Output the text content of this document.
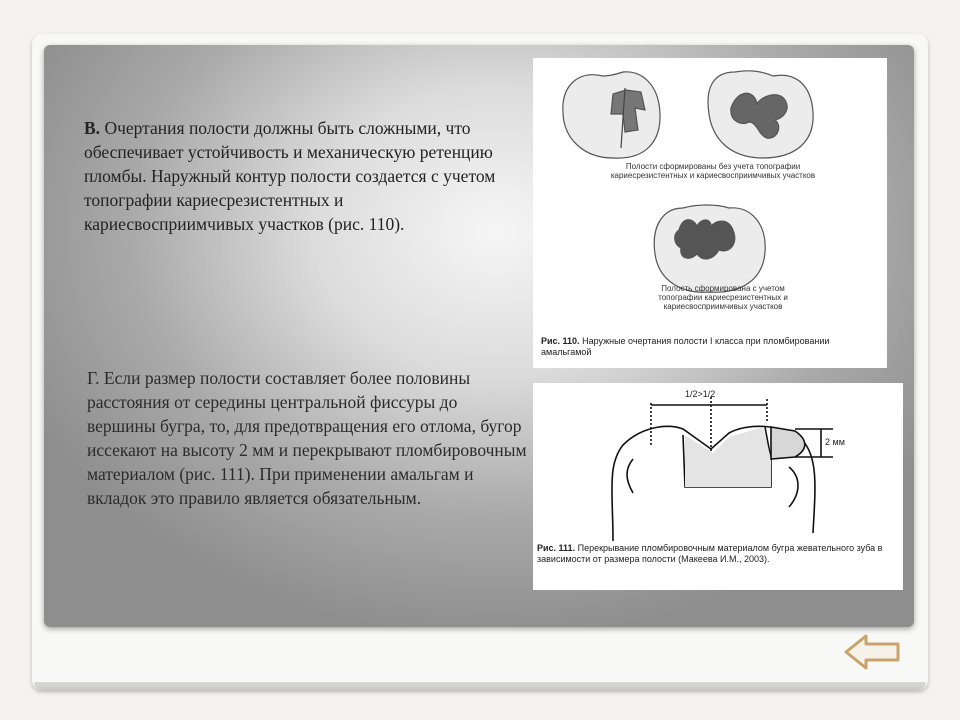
В. Очертания полости должны быть сложными, что обеспечивает устойчивость и механическую ретенцию пломбы. Наружный контур полости создается с учетом топографии кариесрезистентных и кариесвосприимчивых участков (рис. 110).
Г. Если размер полости составляет более половины расстояния от середины центральной фиссуры до вершины бугра, то, для предотвращения его отлома, бугор иссекают на высоту 2 мм и перекрывают пломбировочным материалом (рис. 111). При применении амальгам и вкладок это правило является обязательным.
Полости сформированы без учета топографии
кариесрезистентных и кариесвосприимчивых участков
Полость сформирована с учетом
топографии кариесрезистентных и
кариесвосприимчивых участков
Рис. 110. Наружные очертания полости I класса при пломбировании амальгамой
1/2>1/2
2 мм
Рис. 111. Перекрывание пломбировочным материалом бугра жевательного зуба в зависимости от размера полости (Макеева И.М., 2003).
